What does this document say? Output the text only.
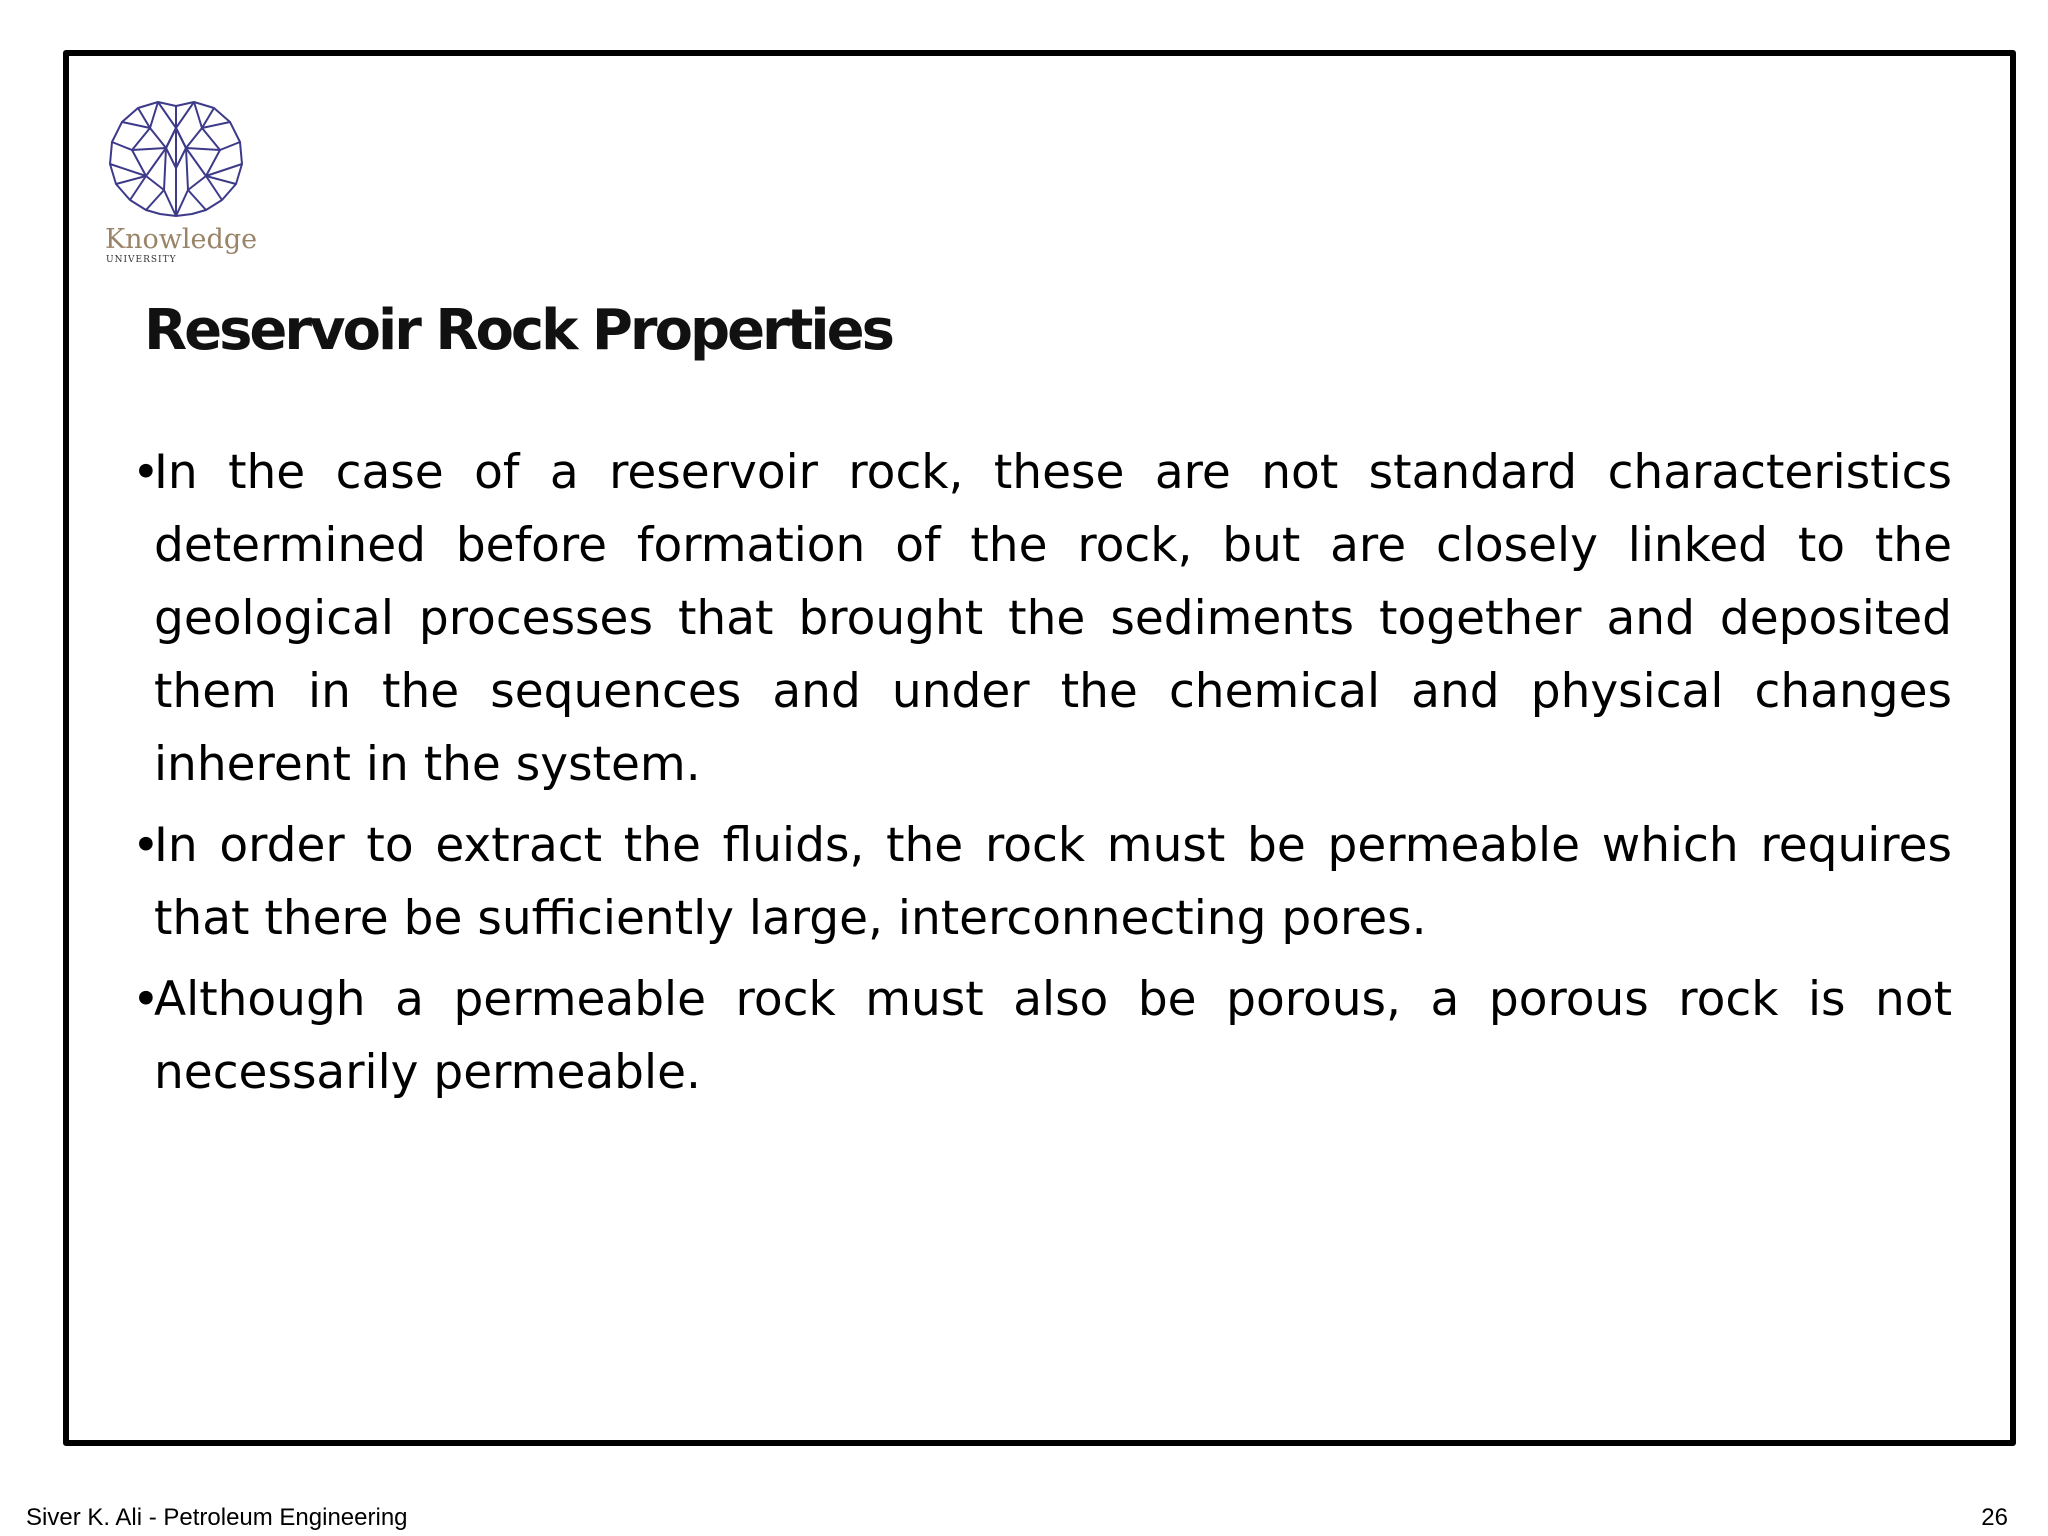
Knowledge
UNIVERSITY
Reservoir Rock Properties
•
In the case of a reservoir rock, these are not standard characteristics determined before formation of the rock, but are closely linked to the geological processes that brought the sediments together and deposited them in the sequences and under the chemical and physical changes inherent in the system.
•
In order to extract the fluids, the rock must be permeable which requires that there be sufficiently large, interconnecting pores.
•
Although a permeable rock must also be porous, a porous rock is not necessarily permeable.
Siver K. Ali - Petroleum Engineering	26
